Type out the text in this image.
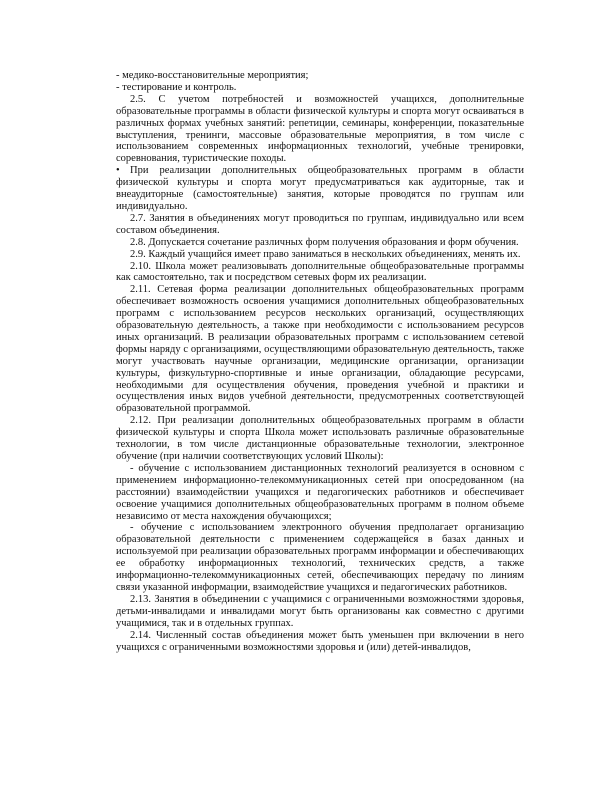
- медико-восстановительные мероприятия;

- тестирование и контроль.

2.5. С учетом потребностей и возможностей учащихся, дополнительные образовательные программы в области физической культуры и спорта могут осваиваться в различных формах учебных занятий: репетиции, семинары, конференции, показательные выступления, тренинги, массовые образовательные мероприятия, в том числе с использованием современных информационных технологий, учебные тренировки, соревнования, туристические походы.

• При реализации дополнительных общеобразовательных программ в области физической культуры и спорта могут предусматриваться как аудиторные, так и внеаудиторные (самостоятельные) занятия, которые проводятся по группам или индивидуально.

2.7. Занятия в объединениях могут проводиться по группам, индивидуально или всем составом объединения.

2.8. Допускается сочетание различных форм получения образования и форм обучения.

2.9. Каждый учащийся имеет право заниматься в нескольких объединениях, менять их.

2.10. Школа может реализовывать дополнительные общеобразовательные программы как самостоятельно, так и посредством сетевых форм их реализации.

2.11. Сетевая форма реализации дополнительных общеобразовательных программ обеспечивает возможность освоения учащимися дополнительных общеобразовательных программ с использованием ресурсов нескольких организаций, осуществляющих образовательную деятельность, а также при необходимости с использованием ресурсов иных организаций. В реализации образовательных программ с использованием сетевой формы наряду с организациями, осуществляющими образовательную деятельность, также могут участвовать научные организации, медицинские организации, организации культуры, физкультурно-спортивные и иные организации, обладающие ресурсами, необходимыми для осуществления обучения, проведения учебной и практики и осуществления иных видов учебной деятельности, предусмотренных соответствующей образовательной программой.

2.12. При реализации дополнительных общеобразовательных программ в области физической культуры и спорта Школа может использовать различные образовательные технологии, в том числе дистанционные образовательные технологии, электронное обучение (при наличии соответствующих условий Школы):

- обучение с использованием дистанционных технологий реализуется в основном с применением информационно-телекоммуникационных сетей при опосредованном (на расстоянии) взаимодействии учащихся и педагогических работников и обеспечивает освоение учащимися дополнительных общеобразовательных программ в полном объеме независимо от места нахождения обучающихся;

- обучение с использованием электронного обучения предполагает организацию образовательной деятельности с применением содержащейся в базах данных и используемой при реализации образовательных программ информации и обеспечивающих ее обработку информационных технологий, технических средств, а также информационно-телекоммуникационных сетей, обеспечивающих передачу по линиям связи указанной информации, взаимодействие учащихся и педагогических работников.

2.13. Занятия в объединении с учащимися с ограниченными возможностями здоровья, детьми-инвалидами и инвалидами могут быть организованы как совместно с другими учащимися, так и в отдельных группах.

2.14. Численный состав объединения может быть уменьшен при включении в него учащихся с ограниченными возможностями здоровья и (или) детей-инвалидов,
